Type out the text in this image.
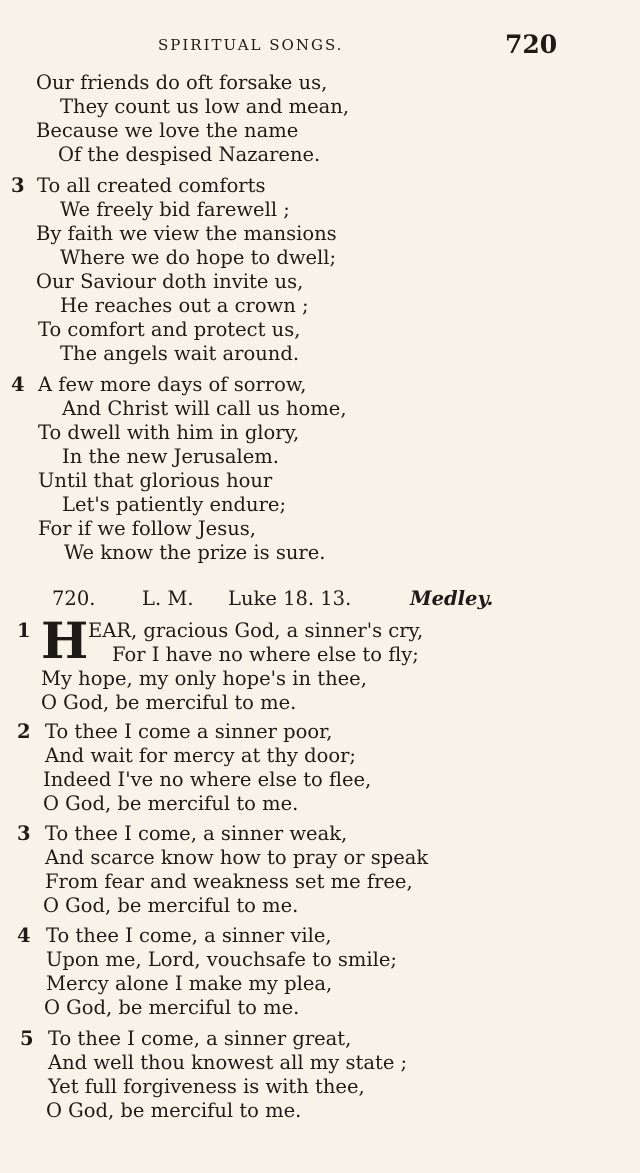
SPIRITUAL SONGS.	720
Our friends do oft forsake us,
They count us low and mean,
Because we love the name
Of the despised Nazarene.
3 To all created comforts
We freely bid farewell ;
By faith we view the mansions
Where we do hope to dwell;
Our Saviour doth invite us,
He reaches out a crown ;
To comfort and protect us,
The angels wait around.
4 A few more days of sorrow,
And Christ will call us home,
To dwell with him in glory,
In the new Jerusalem.
Until that glorious hour
Let's patiently endure;
For if we follow Jesus,
We know the prize is sure.
720. L. M. Luke 18. 13.	Medley.
1 H EAR, gracious God, a sinner's cry,
For I have no where else to fly;
My hope, my only hope's in thee,
O God, be merciful to me.
2 To thee I come a sinner poor,
And wait for mercy at thy door;
Indeed I've no where else to flee,
O God, be merciful to me.
3 To thee I come, a sinner weak,
And scarce know how to pray or speak
From fear and weakness set me free,
O God, be merciful to me.
4 To thee I come, a sinner vile,
Upon me, Lord, vouchsafe to smile;
Mercy alone I make my plea,
O God, be merciful to me.
5 To thee I come, a sinner great,
And well thou knowest all my state ;
Yet full forgiveness is with thee,
O God, be merciful to me.
